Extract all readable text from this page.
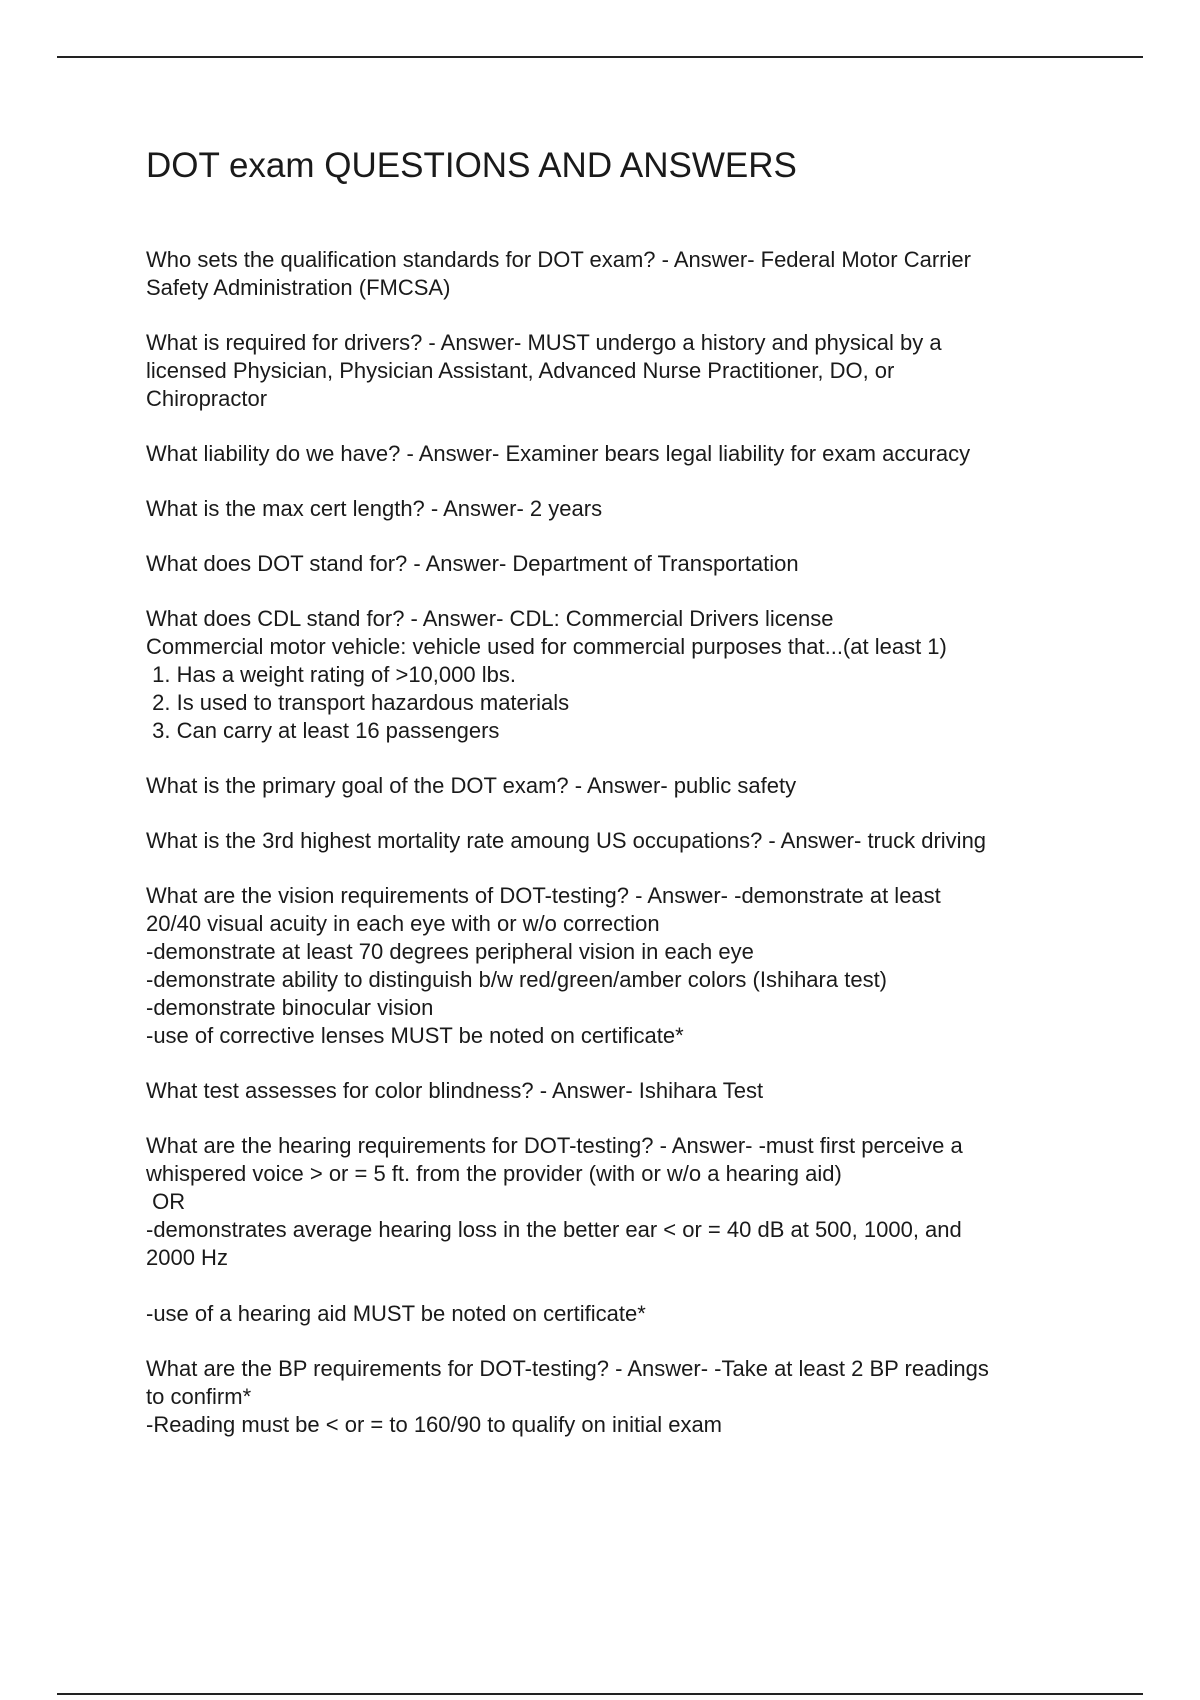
DOT exam QUESTIONS AND ANSWERS
Who sets the qualification standards for DOT exam? - Answer- Federal Motor Carrier
Safety Administration (FMCSA)
What is required for drivers? - Answer- MUST undergo a history and physical by a
licensed Physician, Physician Assistant, Advanced Nurse Practitioner, DO, or
Chiropractor
What liability do we have? - Answer- Examiner bears legal liability for exam accuracy
What is the max cert length? - Answer- 2 years
What does DOT stand for? - Answer- Department of Transportation
What does CDL stand for? - Answer- CDL: Commercial Drivers license
Commercial motor vehicle: vehicle used for commercial purposes that...(at least 1)
1. Has a weight rating of >10,000 lbs.
2. Is used to transport hazardous materials
3. Can carry at least 16 passengers
What is the primary goal of the DOT exam? - Answer- public safety
What is the 3rd highest mortality rate amoung US occupations? - Answer- truck driving
What are the vision requirements of DOT-testing? - Answer- -demonstrate at least
20/40 visual acuity in each eye with or w/o correction
-demonstrate at least 70 degrees peripheral vision in each eye
-demonstrate ability to distinguish b/w red/green/amber colors (Ishihara test)
-demonstrate binocular vision
-use of corrective lenses MUST be noted on certificate*
What test assesses for color blindness? - Answer- Ishihara Test
What are the hearing requirements for DOT-testing? - Answer- -must first perceive a
whispered voice > or = 5 ft. from the provider (with or w/o a hearing aid)
OR
-demonstrates average hearing loss in the better ear < or = 40 dB at 500, 1000, and
2000 Hz
-use of a hearing aid MUST be noted on certificate*
What are the BP requirements for DOT-testing? - Answer- -Take at least 2 BP readings
to confirm*
-Reading must be < or = to 160/90 to qualify on initial exam
